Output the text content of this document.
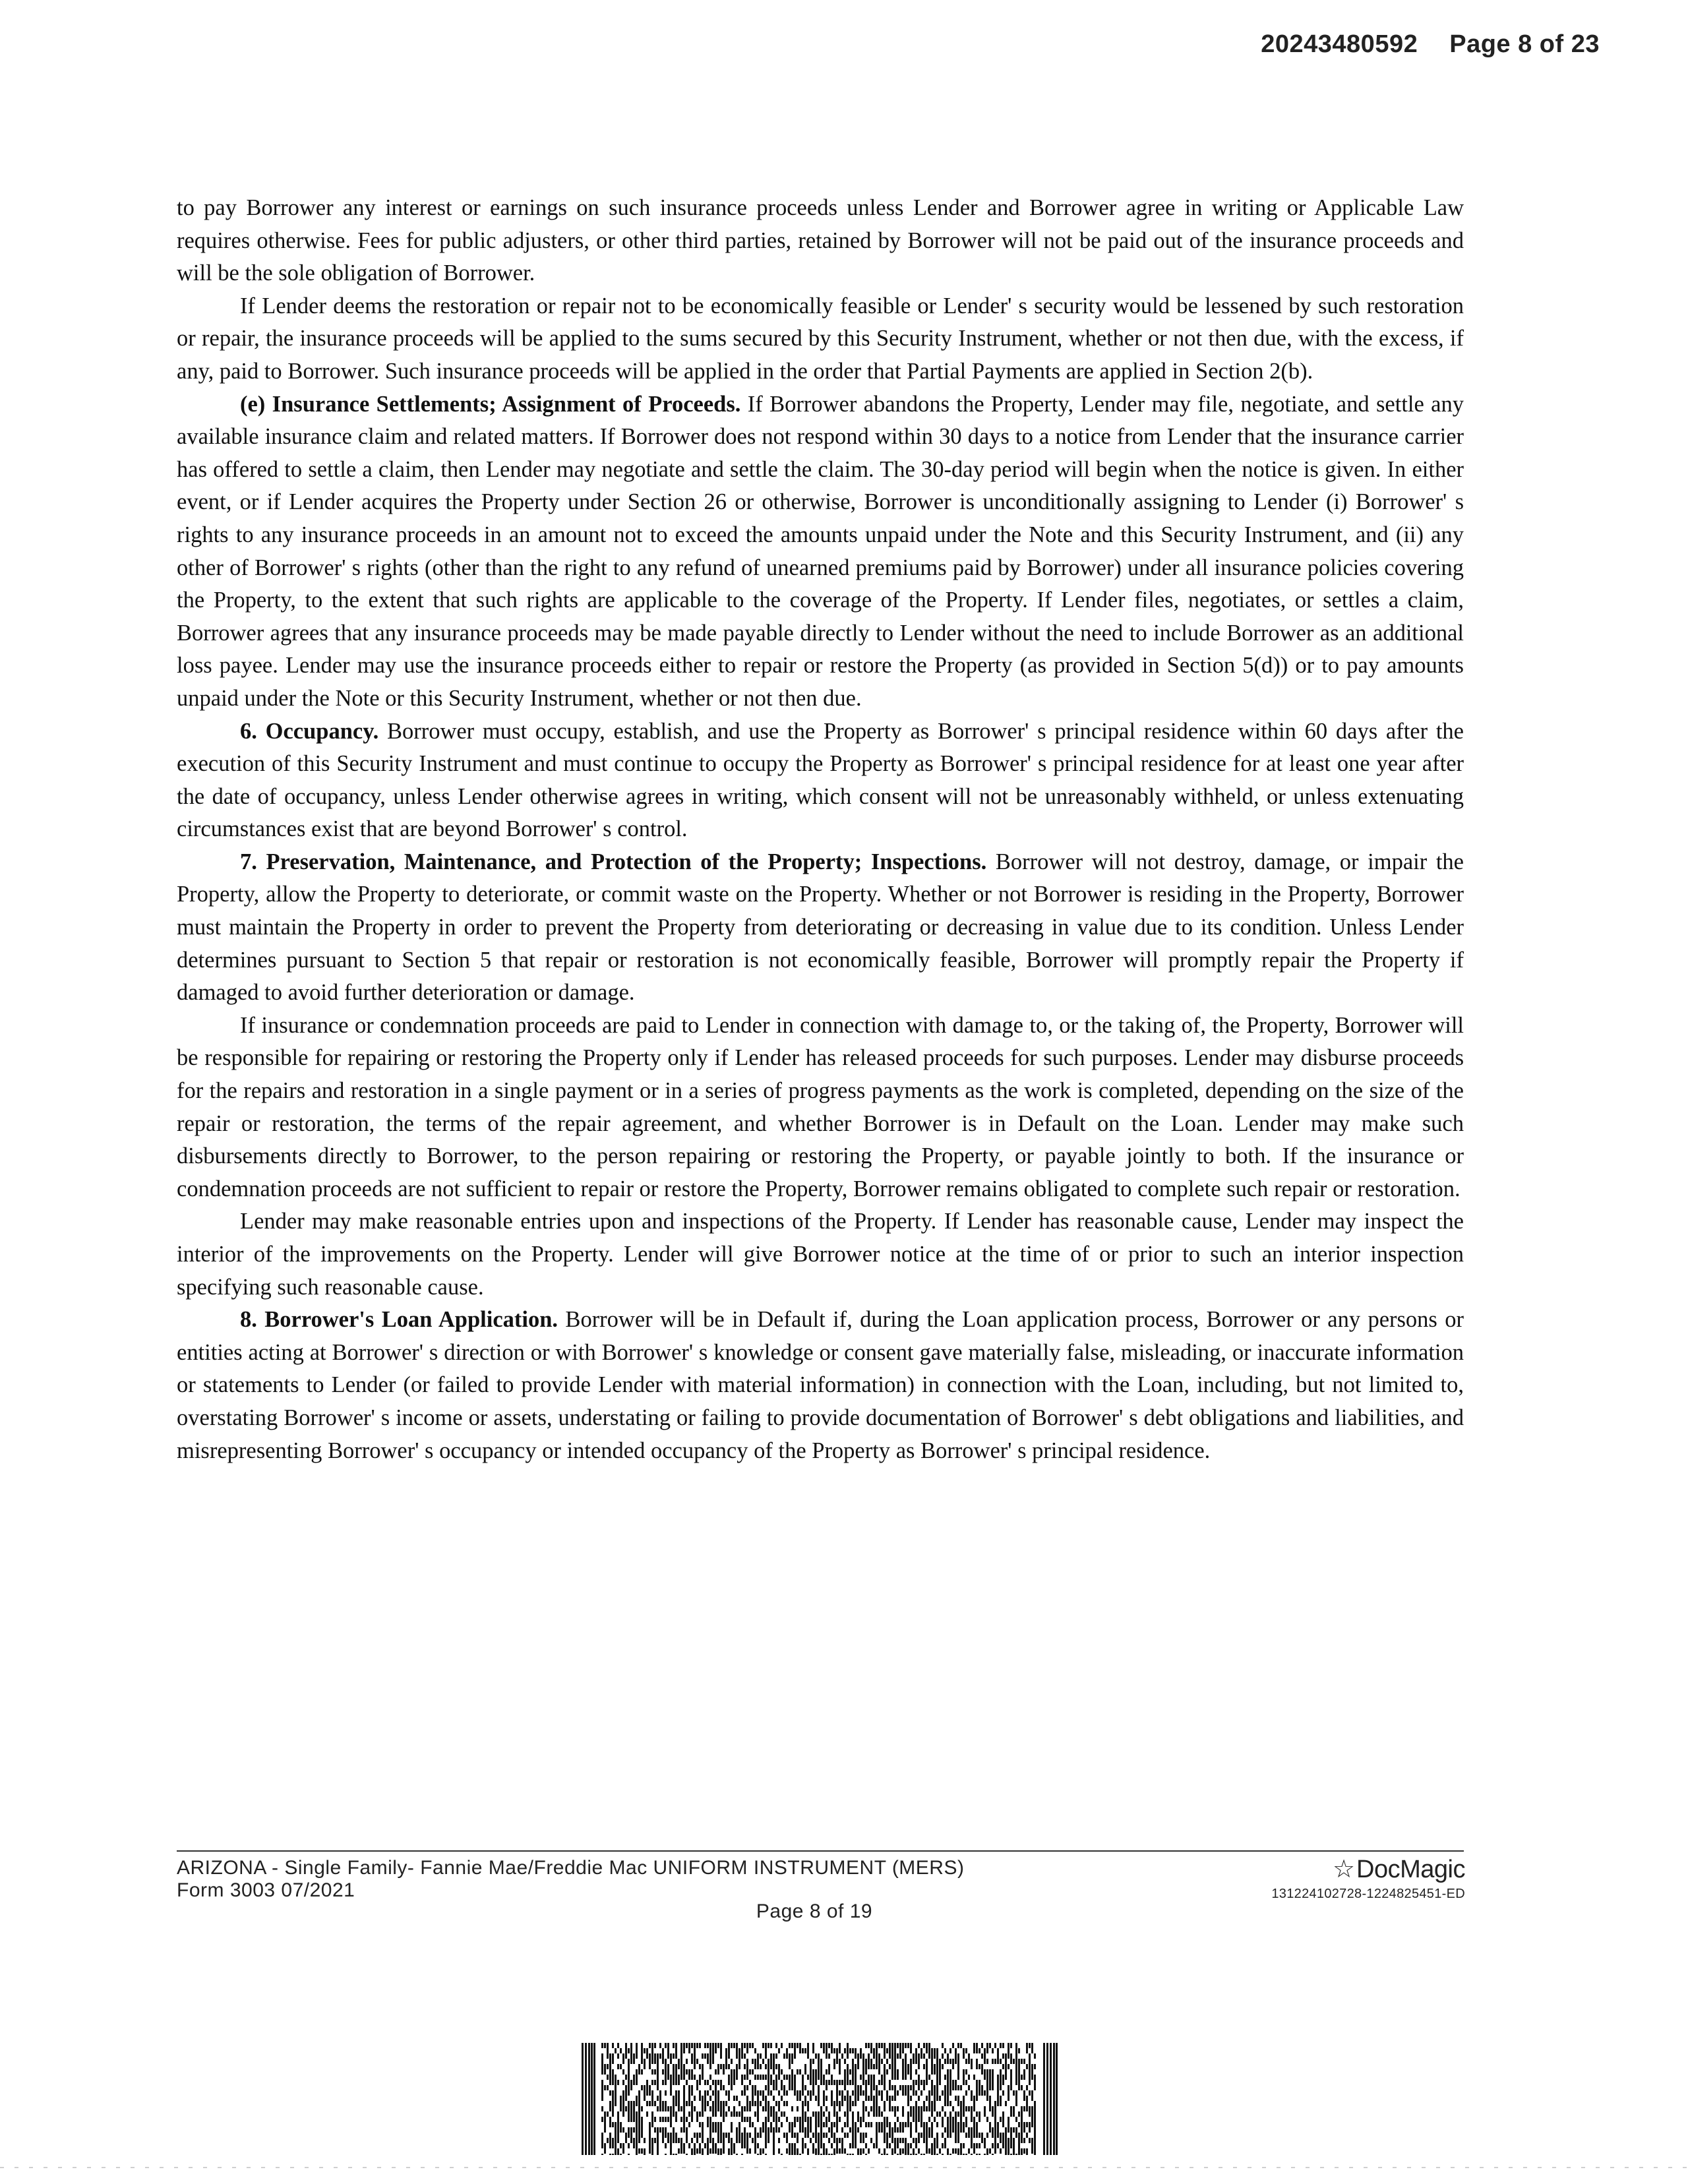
20243480592 Page 8 of 23

to pay Borrower any interest or earnings on such insurance proceeds unless Lender and Borrower agree in writing or Applicable Law requires otherwise. Fees for public adjusters, or other third parties, retained by Borrower will not be paid out of the insurance proceeds and will be the sole obligation of Borrower.

If Lender deems the restoration or repair not to be economically feasible or Lender' s security would be lessened by such restoration or repair, the insurance proceeds will be applied to the sums secured by this Security Instrument, whether or not then due, with the excess, if any, paid to Borrower. Such insurance proceeds will be applied in the order that Partial Payments are applied in Section 2(b).

(e) Insurance Settlements; Assignment of Proceeds. If Borrower abandons the Property, Lender may file, negotiate, and settle any available insurance claim and related matters. If Borrower does not respond within 30 days to a notice from Lender that the insurance carrier has offered to settle a claim, then Lender may negotiate and settle the claim. The 30-day period will begin when the notice is given. In either event, or if Lender acquires the Property under Section 26 or otherwise, Borrower is unconditionally assigning to Lender (i) Borrower' s rights to any insurance proceeds in an amount not to exceed the amounts unpaid under the Note and this Security Instrument, and (ii) any other of Borrower' s rights (other than the right to any refund of unearned premiums paid by Borrower) under all insurance policies covering the Property, to the extent that such rights are applicable to the coverage of the Property. If Lender files, negotiates, or settles a claim, Borrower agrees that any insurance proceeds may be made payable directly to Lender without the need to include Borrower as an additional loss payee. Lender may use the insurance proceeds either to repair or restore the Property (as provided in Section 5(d)) or to pay amounts unpaid under the Note or this Security Instrument, whether or not then due.

6. Occupancy. Borrower must occupy, establish, and use the Property as Borrower' s principal residence within 60 days after the execution of this Security Instrument and must continue to occupy the Property as Borrower' s principal residence for at least one year after the date of occupancy, unless Lender otherwise agrees in writing, which consent will not be unreasonably withheld, or unless extenuating circumstances exist that are beyond Borrower' s control.

7. Preservation, Maintenance, and Protection of the Property; Inspections. Borrower will not destroy, damage, or impair the Property, allow the Property to deteriorate, or commit waste on the Property. Whether or not Borrower is residing in the Property, Borrower must maintain the Property in order to prevent the Property from deteriorating or decreasing in value due to its condition. Unless Lender determines pursuant to Section 5 that repair or restoration is not economically feasible, Borrower will promptly repair the Property if damaged to avoid further deterioration or damage.

If insurance or condemnation proceeds are paid to Lender in connection with damage to, or the taking of, the Property, Borrower will be responsible for repairing or restoring the Property only if Lender has released proceeds for such purposes. Lender may disburse proceeds for the repairs and restoration in a single payment or in a series of progress payments as the work is completed, depending on the size of the repair or restoration, the terms of the repair agreement, and whether Borrower is in Default on the Loan. Lender may make such disbursements directly to Borrower, to the person repairing or restoring the Property, or payable jointly to both. If the insurance or condemnation proceeds are not sufficient to repair or restore the Property, Borrower remains obligated to complete such repair or restoration.

Lender may make reasonable entries upon and inspections of the Property. If Lender has reasonable cause, Lender may inspect the interior of the improvements on the Property. Lender will give Borrower notice at the time of or prior to such an interior inspection specifying such reasonable cause.

8. Borrower's Loan Application. Borrower will be in Default if, during the Loan application process, Borrower or any persons or entities acting at Borrower' s direction or with Borrower' s knowledge or consent gave materially false, misleading, or inaccurate information or statements to Lender (or failed to provide Lender with material information) in connection with the Loan, including, but not limited to, overstating Borrower' s income or assets, understating or failing to provide documentation of Borrower' s debt obligations and liabilities, and misrepresenting Borrower' s occupancy or intended occupancy of the Property as Borrower' s principal residence.

ARIZONA - Single Family- Fannie Mae/Freddie Mac UNIFORM INSTRUMENT (MERS)
Form 3003 07/2021
Page 8 of 19
☆DocMagic
131224102728-1224825451-ED
